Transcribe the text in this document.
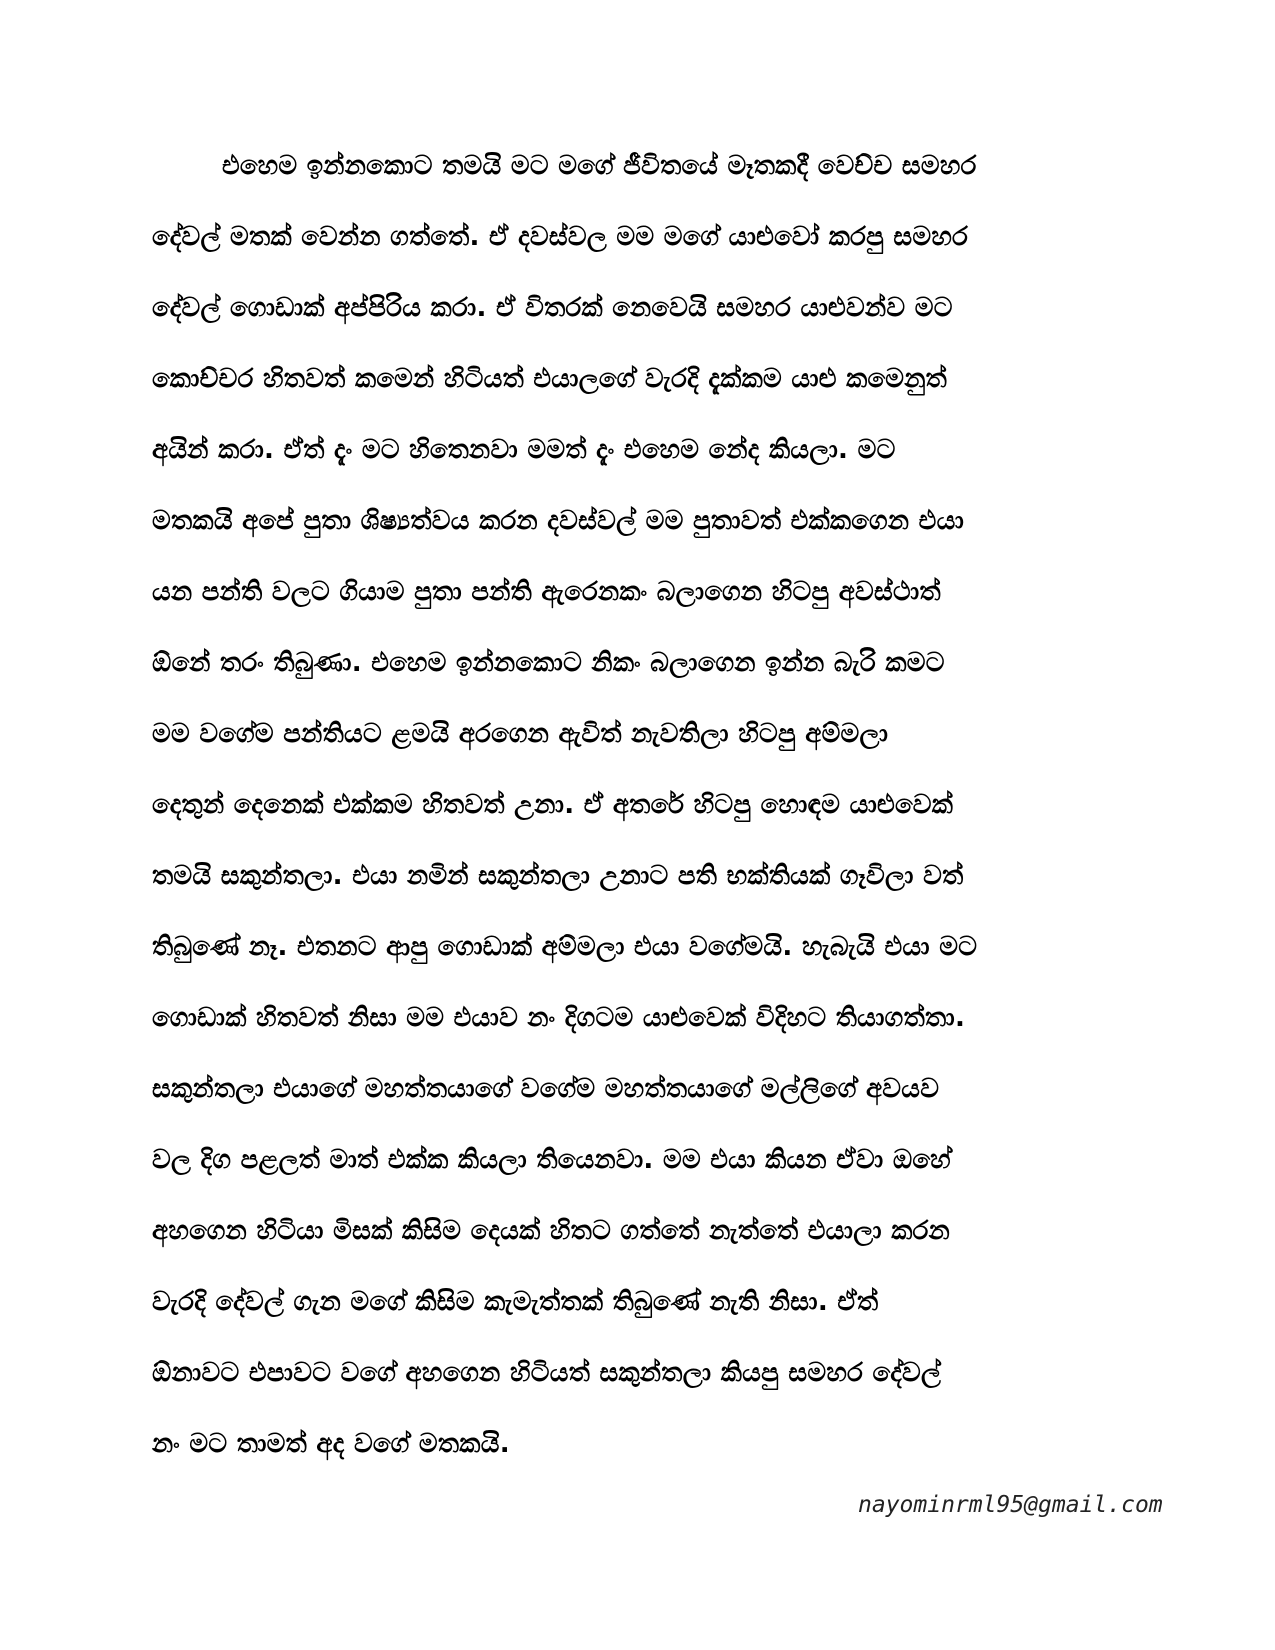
එහෙම ඉන්නකොට තමයි මට මගේ ජීවිතයේ මෑතකදී වෙච්ච සමහර
දේවල් මතක් වෙන්න ගත්තේ. ඒ දවස්වල මම මගේ යාළුවෝ කරපු සමහර
දේවල් ගොඩාක් අප්පිරිය කරා. ඒ විතරක් නෙවෙයි සමහර යාළුවන්ව මට
කොච්චර හිතවත් කමෙන් හිටියත් එයාලගේ වැරදි දැක්කම යාළු කමෙනුත්
අයින් කරා. ඒත් දැං මට හිතෙනවා මමත් දැං එහෙම නේද කියලා. මට
මතකයි අපේ පුතා ශිෂ්‍යත්වය කරන දවස්වල් මම පුතාවත් එක්කගෙන එයා
යන පන්ති වලට ගියාම පුතා පන්ති ඇරෙනකං බලාගෙන හිටපු අවස්ථාත්
ඕනේ තරං තිබුණා. එහෙම ඉන්නකොට නිකං බලාගෙන ඉන්න බැරි කමට
මම වගේම පන්තියට ළමයි අරගෙන ඇවිත් නැවතිලා හිටපු අම්මලා
දෙතුන් දෙනෙක් එක්කම හිතවත් උනා. ඒ අතරේ හිටපු හොඳම යාළුවෙක්
තමයි සකුන්තලා. එයා නමින් සකුන්තලා උනාට පති භක්තියක් ගෑවිලා වත්
තිබුණේ නෑ. එතනට ආපු ගොඩාක් අම්මලා එයා වගේමයි. හැබැයි එයා මට
ගොඩාක් හිතවත් නිසා මම එයාව නං දිගටම යාළුවෙක් විදිහට තියාගත්තා.
සකුන්තලා එයාගේ මහත්තයාගේ වගේම මහත්තයාගේ මල්ලිගේ අවයව
වල දිග පළලත් මාත් එක්ක කියලා තියෙනවා. මම එයා කියන ඒවා ඔහේ
අහගෙන හිටියා මිසක් කිසිම දෙයක් හිතට ගත්තේ නැත්තේ එයාලා කරන
වැරදි දේවල් ගැන මගේ කිසිම කැමැත්තක් තිබුණේ නැති නිසා. ඒත්
ඕනාවට එපාවට වගේ අහගෙන හිටියත් සකුන්තලා කියපු සමහර දේවල්
නං මට තාමත් අද වගේ මතකයි.
nayominrml95@gmail.com
